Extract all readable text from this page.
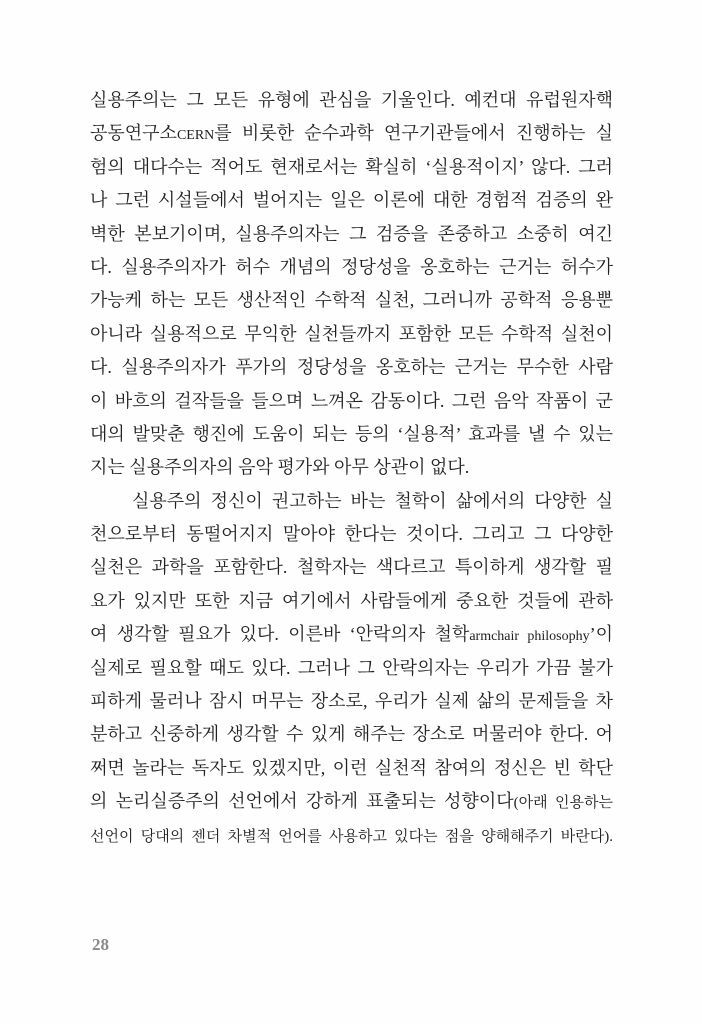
실용주의는 그 모든 유형에 관심을 기울인다. 예컨대 유럽원자핵
공동연구소CERN를 비롯한 순수과학 연구기관들에서 진행하는 실
험의 대다수는 적어도 현재로서는 확실히 ‘실용적이지’ 않다. 그러
나 그런 시설들에서 벌어지는 일은 이론에 대한 경험적 검증의 완
벽한 본보기이며, 실용주의자는 그 검증을 존중하고 소중히 여긴
다. 실용주의자가 허수 개념의 정당성을 옹호하는 근거는 허수가
가능케 하는 모든 생산적인 수학적 실천, 그러니까 공학적 응용뿐
아니라 실용적으로 무익한 실천들까지 포함한 모든 수학적 실천이
다. 실용주의자가 푸가의 정당성을 옹호하는 근거는 무수한 사람
이 바흐의 걸작들을 들으며 느껴온 감동이다. 그런 음악 작품이 군
대의 발맞춘 행진에 도움이 되는 등의 ‘실용적’ 효과를 낼 수 있는
지는 실용주의자의 음악 평가와 아무 상관이 없다.
실용주의 정신이 권고하는 바는 철학이 삶에서의 다양한 실
천으로부터 동떨어지지 말아야 한다는 것이다. 그리고 그 다양한
실천은 과학을 포함한다. 철학자는 색다르고 특이하게 생각할 필
요가 있지만 또한 지금 여기에서 사람들에게 중요한 것들에 관하
여 생각할 필요가 있다. 이른바 ‘안락의자 철학armchair philosophy’이
실제로 필요할 때도 있다. 그러나 그 안락의자는 우리가 가끔 불가
피하게 물러나 잠시 머무는 장소로, 우리가 실제 삶의 문제들을 차
분하고 신중하게 생각할 수 있게 해주는 장소로 머물러야 한다. 어
쩌면 놀라는 독자도 있겠지만, 이런 실천적 참여의 정신은 빈 학단
의 논리실증주의 선언에서 강하게 표출되는 성향이다(아래 인용하는
선언이 당대의 젠더 차별적 언어를 사용하고 있다는 점을 양해해주기 바란다).
28
